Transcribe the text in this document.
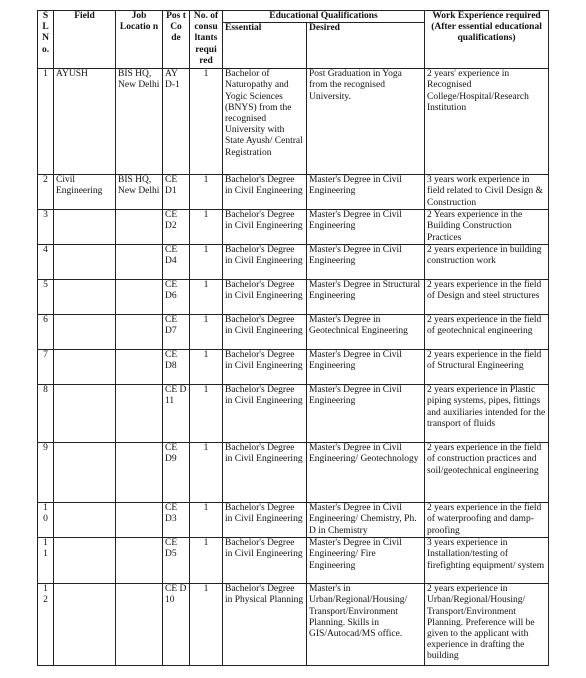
S L N o.	Field	Job Locatio n	Pos t Co de	No. of consu ltants requi red	Educational Qualifications		Work Experience required (After essential educational qualifications)
					Essential	Desired	
1	AYUSH	BIS HQ, New Delhi	AY D-1	1	Bachelor of Naturopathy and Yogic Sciences (BNYS) from the recognised University with State Ayush/ Central Registration	Post Graduation in Yoga from the recognised University.	2 years' experience in Recognised College/Hospital/Research Institution
2	Civil Engineering	BIS HQ, New Delhi	CE D1	1	Bachelor's Degree in Civil Engineering	Master's Degree in Civil Engineering	3 years work experience in field related to Civil Design & Construction
3			CE D2	1	Bachelor's Degree in Civil Engineering	Master's Degree in Civil Engineering	2 Years experience in the Building Construction Practices
4			CE D4	1	Bachelor's Degree in Civil Engineering	Master's Degree in Civil Engineering	2 years experience in building construction work
5			CE D6	1	Bachelor's Degree in Civil Engineering	Master's Degree in Structural Engineering	2 years experience in the field of Design and steel structures
6			CE D7	1	Bachelor's Degree in Civil Engineering	Master's Degree in Geotechnical Engineering	2 years experience in the field of geotechnical engineering
7			CE D8	1	Bachelor's Degree in Civil Engineering	Master's Degree in Civil Engineering	2 years experience in the field of Structural Engineering
8			CE D 11	1	Bachelor's Degree in Civil Engineering	Master's Degree in Civil Engineering	2 years experience in Plastic piping systems, pipes, fittings and auxiliaries intended for the transport of fluids
9			CE D9	1	Bachelor's Degree in Civil Engineering	Master's Degree in Civil Engineering/ Geotechnology	2 years experience in the field of construction practices and soil/geotechnical engineering
1 0			CE D3	1	Bachelor's Degree in Civil Engineering	Master's Degree in Civil Engineering/ Chemistry, Ph. D in Chemistry	2 years experience in the field of waterproofing and damp-proofing
1 1			CE D5	1	Bachelor's Degree in Civil Engineering	Master's Degree in Civil Engineering/ Fire Engineering	3 years experience in Installation/testing of firefighting equipment/ system
1 2			CE D 10	1	Bachelor's Degree in Physical Planning	Master's in Urban/Regional/Housing/ Transport/Environment Planning. Skills in GIS/Autocad/MS office.	2 years experience in Urban/Regional/Housing/ Transport/Environment Planning. Preference will be given to the applicant with experience in drafting the building
